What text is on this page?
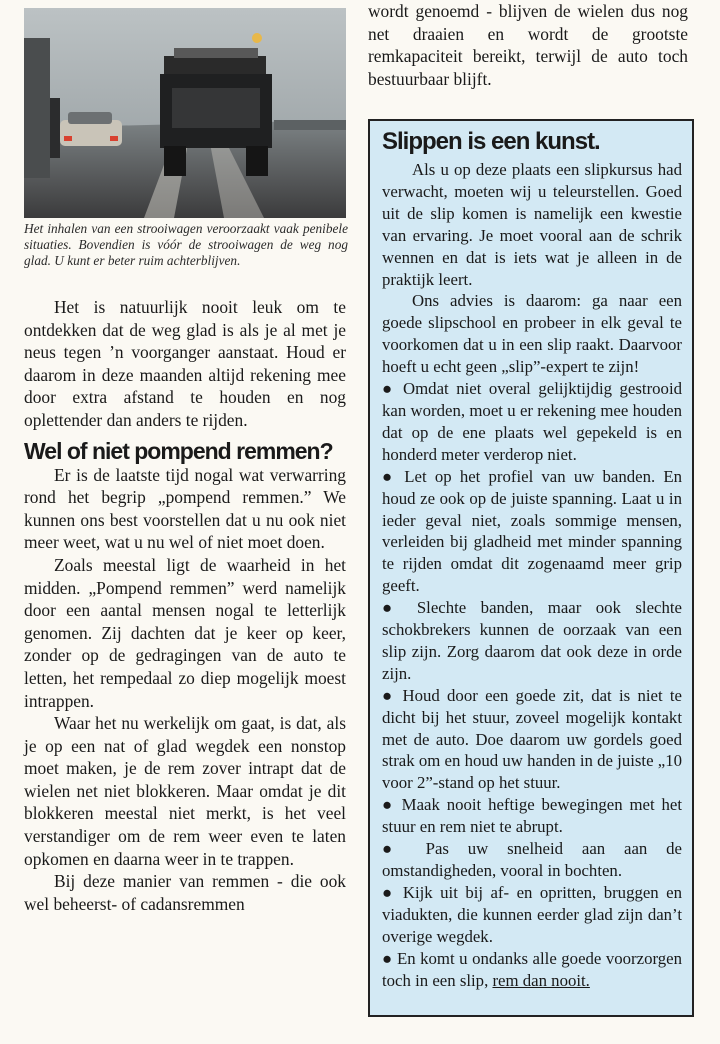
Het inhalen van een strooiwagen veroorzaakt vaak penibele situaties. Bovendien is vóór de strooiwagen de weg nog glad. U kunt er beter ruim achterblijven.

Het is natuurlijk nooit leuk om te ontdekken dat de weg glad is als je al met je neus tegen ’n voorganger aanstaat. Houd er daarom in deze maanden altijd rekening mee door extra afstand te houden en nog oplettender dan anders te rijden.

Wel of niet pompend remmen?

Er is de laatste tijd nogal wat verwarring rond het begrip „pompend remmen.” We kunnen ons best voorstellen dat u nu ook niet meer weet, wat u nu wel of niet moet doen.

Zoals meestal ligt de waarheid in het midden. „Pompend remmen” werd namelijk door een aantal mensen nogal te letterlijk genomen. Zij dachten dat je keer op keer, zonder op de gedragingen van de auto te letten, het rempedaal zo diep mogelijk moest intrappen.

Waar het nu werkelijk om gaat, is dat, als je op een nat of glad wegdek een nonstop moet maken, je de rem zover intrapt dat de wielen net niet blokkeren. Maar omdat je dit blokkeren meestal niet merkt, is het veel verstandiger om de rem weer even te laten opkomen en daarna weer in te trappen.

Bij deze manier van remmen - die ook wel beheerst- of cadansremmen

wordt genoemd - blijven de wielen dus nog net draaien en wordt de grootste remkapaciteit bereikt, terwijl de auto toch bestuurbaar blijft.

Slippen is een kunst.

Als u op deze plaats een slipkursus had verwacht, moeten wij u teleurstellen. Goed uit de slip komen is namelijk een kwestie van ervaring. Je moet vooral aan de schrik wennen en dat is iets wat je alleen in de praktijk leert.

Ons advies is daarom: ga naar een goede slipschool en probeer in elk geval te voorkomen dat u in een slip raakt. Daarvoor hoeft u echt geen „slip”-expert te zijn!

● Omdat niet overal gelijktijdig gestrooid kan worden, moet u er rekening mee houden dat op de ene plaats wel gepekeld is en honderd meter verderop niet.

● Let op het profiel van uw banden. En houd ze ook op de juiste spanning. Laat u in ieder geval niet, zoals sommige mensen, verleiden bij gladheid met minder spanning te rijden omdat dit zogenaamd meer grip geeft.

● Slechte banden, maar ook slechte schokbrekers kunnen de oorzaak van een slip zijn. Zorg daarom dat ook deze in orde zijn.

● Houd door een goede zit, dat is niet te dicht bij het stuur, zoveel mogelijk kontakt met de auto. Doe daarom uw gordels goed strak om en houd uw handen in de juiste „10 voor 2”-stand op het stuur.

● Maak nooit heftige bewegingen met het stuur en rem niet te abrupt.

● Pas uw snelheid aan aan de omstandigheden, vooral in bochten.

● Kijk uit bij af- en opritten, bruggen en viadukten, die kunnen eerder glad zijn dan’t overige wegdek.

● En komt u ondanks alle goede voorzorgen toch in een slip, rem dan nooit.
